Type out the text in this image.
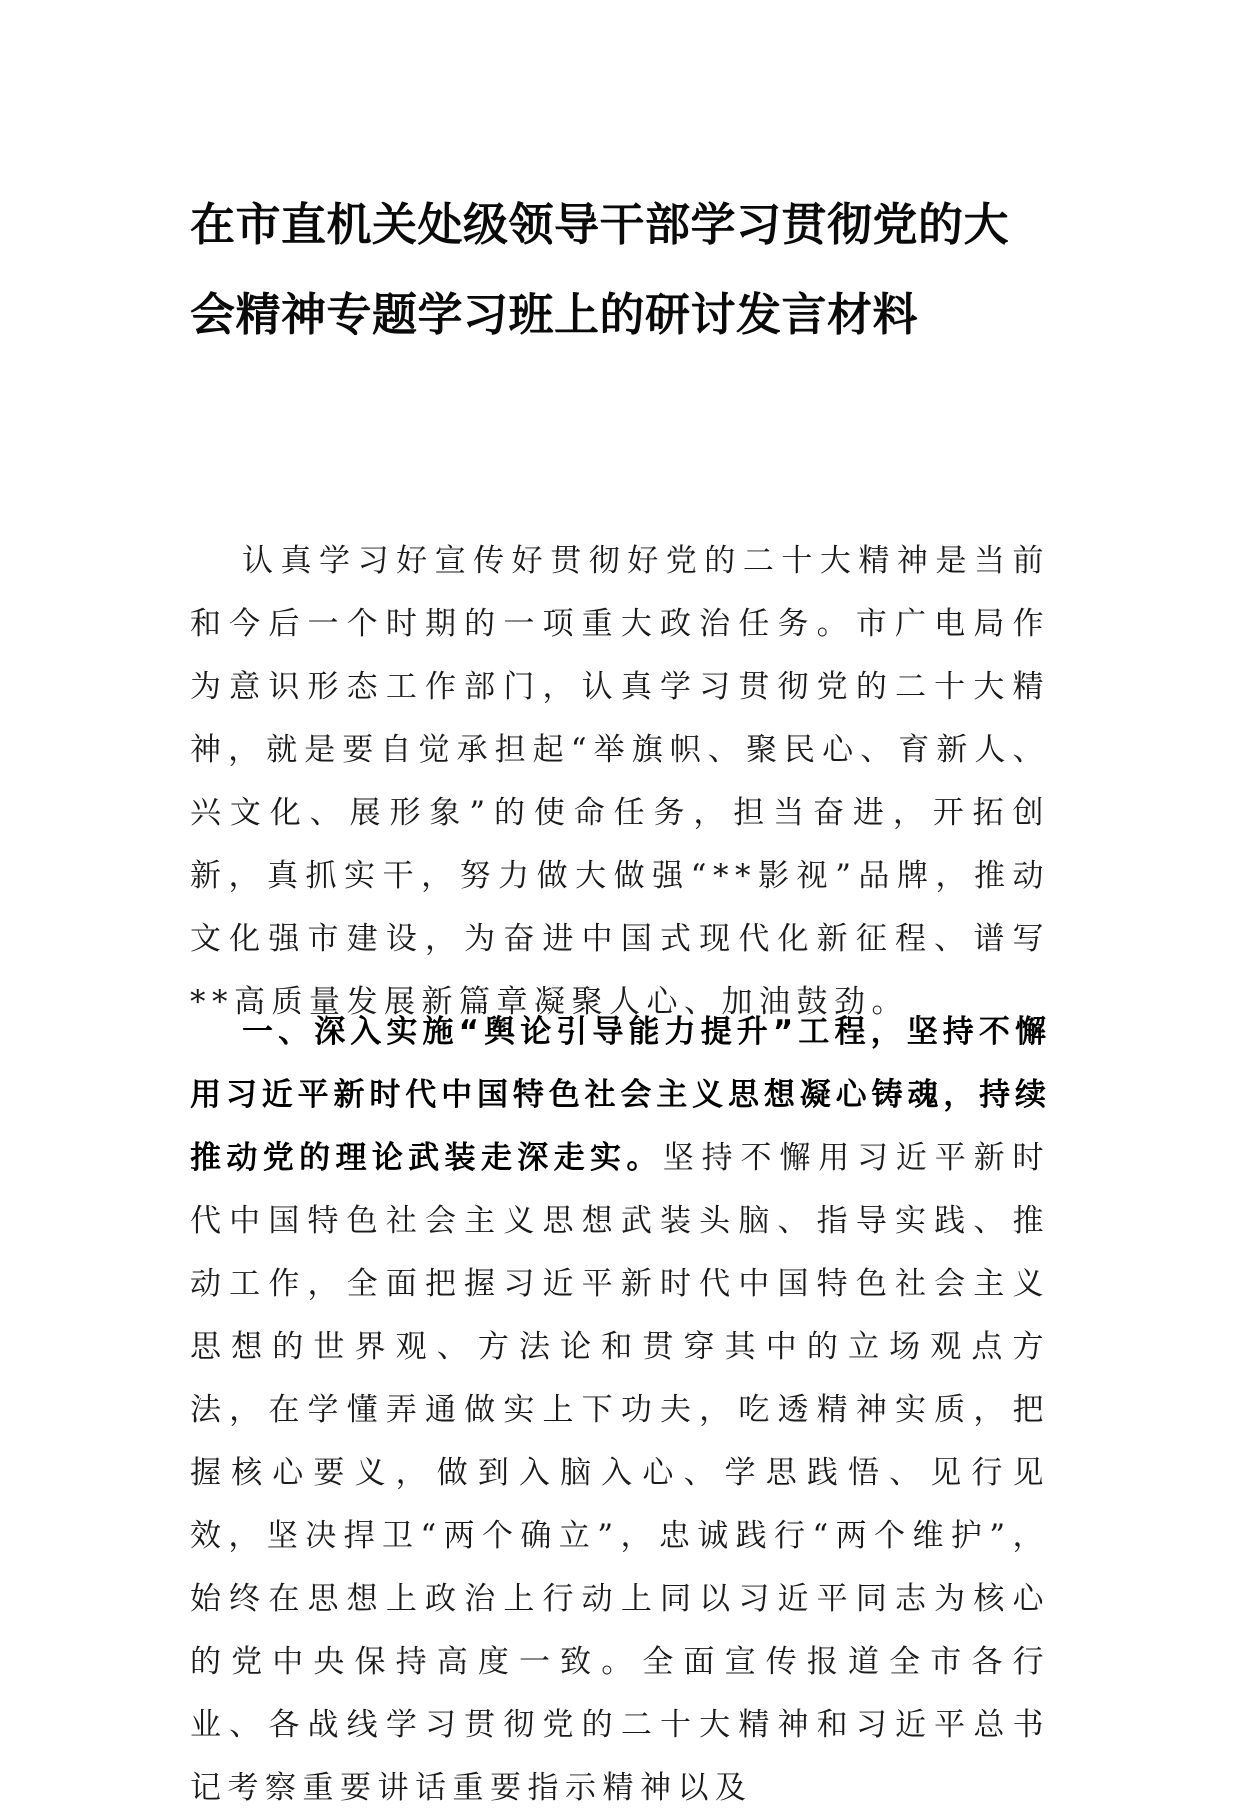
在市直机关处级领导干部学习贯彻党的大
会精神专题学习班上的研讨发言材料

认真学习好宣传好贯彻好党的二十大精神是当前和今后一个时期的一项重大政治任务。市广电局作为意识形态工作部门，认真学习贯彻党的二十大精神，就是要自觉承担起“举旗帜、聚民心、育新人、兴文化、展形象”的使命任务，担当奋进，开拓创新，真抓实干，努力做大做强“**影视”品牌，推动文化强市建设，为奋进中国式现代化新征程、谱写**高质量发展新篇章凝聚人心、加油鼓劲。

一、深入实施“舆论引导能力提升”工程，坚持不懈用习近平新时代中国特色社会主义思想凝心铸魂，持续推动党的理论武装走深走实。坚持不懈用习近平新时代中国特色社会主义思想武装头脑、指导实践、推动工作，全面把握习近平新时代中国特色社会主义思想的世界观、方法论和贯穿其中的立场观点方法，在学懂弄通做实上下功夫，吃透精神实质，把握核心要义，做到入脑入心、学思践悟、见行见效，坚决捍卫“两个确立”，忠诚践行“两个维护”，始终在思想上政治上行动上同以习近平同志为核心的党中央保持高度一致。全面宣传报道全市各行业、各战线学习贯彻党的二十大精神和习近平总书记考察重要讲话重要指示精神以及
